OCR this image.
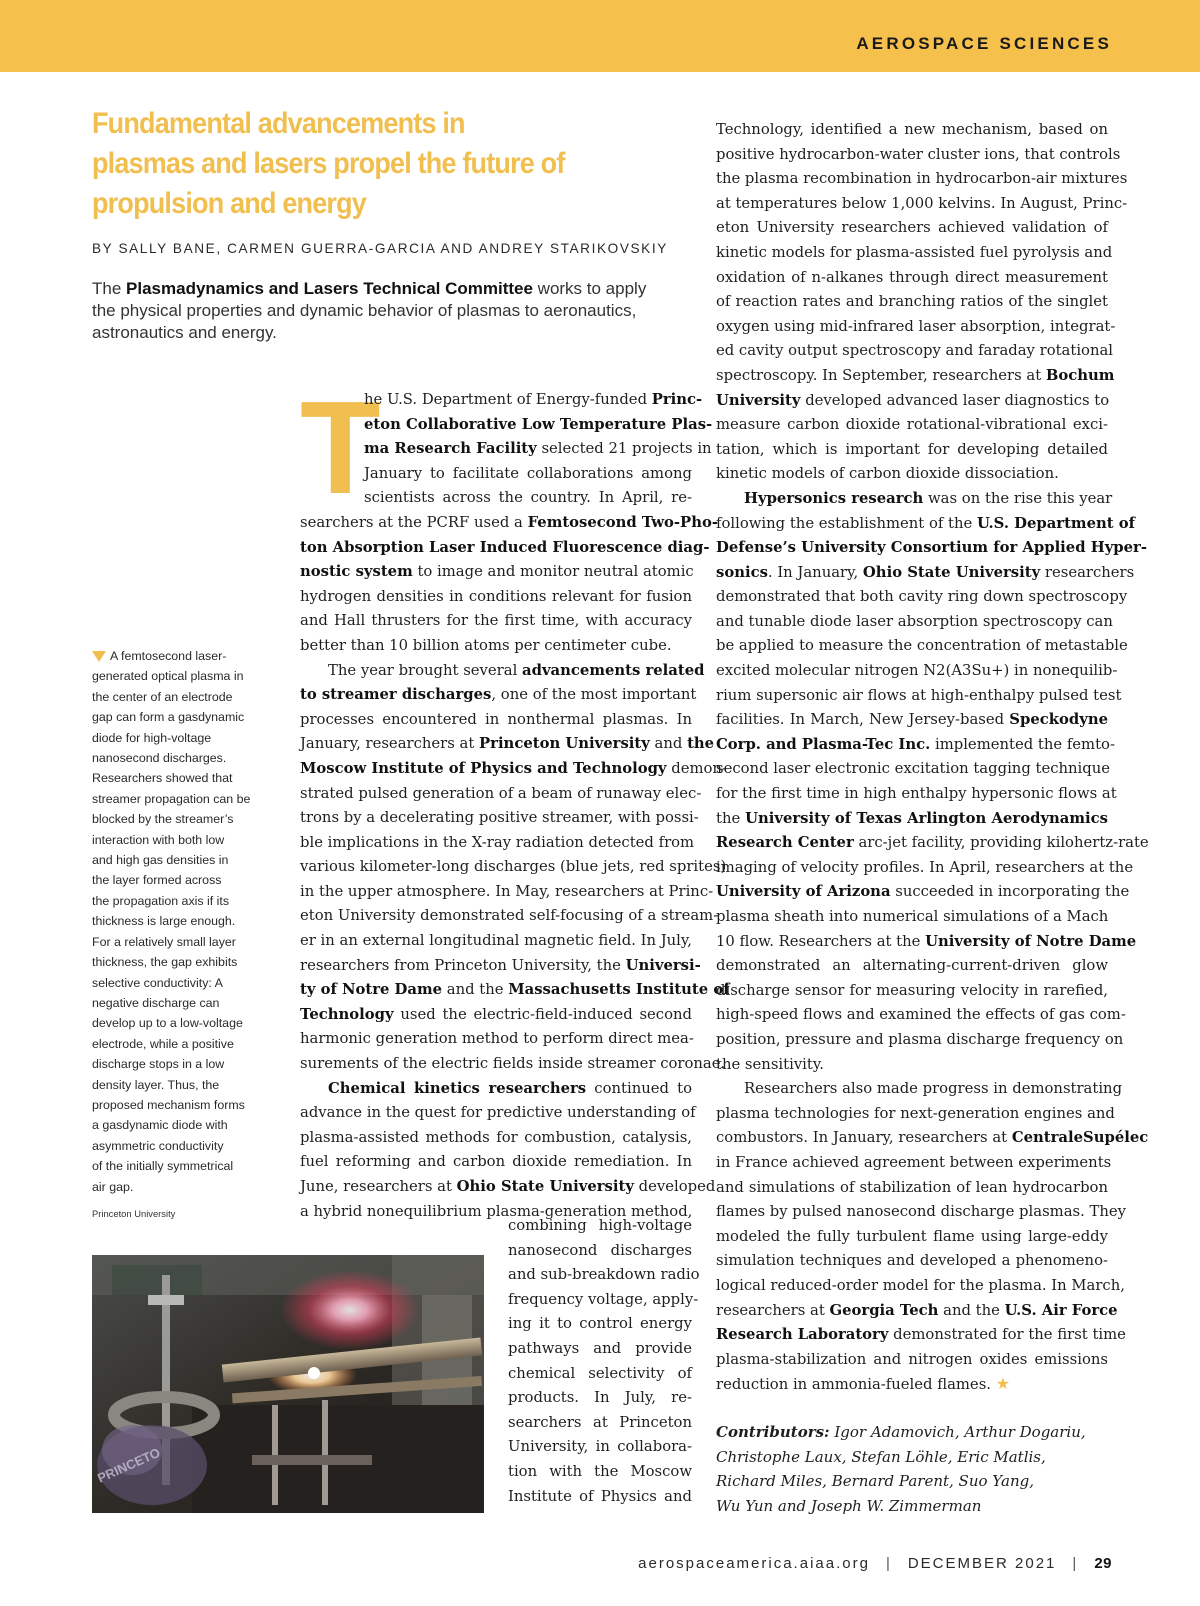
AEROSPACE SCIENCES
Fundamental advancements in
plasmas and lasers propel the future of
propulsion and energy
BY SALLY BANE, CARMEN GUERRA-GARCIA AND ANDREY STARIKOVSKIY
The Plasmadynamics and Lasers Technical Committee works to apply
the physical properties and dynamic behavior of plasmas to aeronautics,
astronautics and energy.
T
he U.S. Department of Energy-funded Princ-
eton Collaborative Low Temperature Plas-
ma Research Facility selected 21 projects in
January to facilitate collaborations among
scientists across the country. In April, re-
searchers at the PCRF used a Femtosecond Two-Pho-
ton Absorption Laser Induced Fluorescence diag-
nostic system to image and monitor neutral atomic
hydrogen densities in conditions relevant for fusion
and Hall thrusters for the first time, with accuracy
better than 10 billion atoms per centimeter cube.
The year brought several advancements related
to streamer discharges, one of the most important
processes encountered in nonthermal plasmas. In
January, researchers at Princeton University and the
Moscow Institute of Physics and Technology demon-
strated pulsed generation of a beam of runaway elec-
trons by a decelerating positive streamer, with possi-
ble implications in the X-ray radiation detected from
various kilometer-long discharges (blue jets, red sprites)
in the upper atmosphere. In May, researchers at Princ-
eton University demonstrated self-focusing of a stream-
er in an external longitudinal magnetic field. In July,
researchers from Princeton University, the Universi-
ty of Notre Dame and the Massachusetts Institute of
Technology used the electric-field-induced second
harmonic generation method to perform direct mea-
surements of the electric fields inside streamer coronae.
Chemical kinetics researchers continued to
advance in the quest for predictive understanding of
plasma-assisted methods for combustion, catalysis,
fuel reforming and carbon dioxide remediation. In
June, researchers at Ohio State University developed
a hybrid nonequilibrium plasma-generation method,
combining high-voltage
nanosecond discharges
and sub-breakdown radio
frequency voltage, apply-
ing it to control energy
pathways and provide
chemical selectivity of
products. In July, re-
searchers at Princeton
University, in collabora-
tion with the Moscow
Institute of Physics and
Technology, identified a new mechanism, based on
positive hydrocarbon-water cluster ions, that controls
the plasma recombination in hydrocarbon-air mixtures
at temperatures below 1,000 kelvins. In August, Princ-
eton University researchers achieved validation of
kinetic models for plasma-assisted fuel pyrolysis and
oxidation of n-alkanes through direct measurement
of reaction rates and branching ratios of the singlet
oxygen using mid-infrared laser absorption, integrat-
ed cavity output spectroscopy and faraday rotational
spectroscopy. In September, researchers at Bochum
University developed advanced laser diagnostics to
measure carbon dioxide rotational-vibrational exci-
tation, which is important for developing detailed
kinetic models of carbon dioxide dissociation.
Hypersonics research was on the rise this year
following the establishment of the U.S. Department of
Defense’s University Consortium for Applied Hyper-
sonics. In January, Ohio State University researchers
demonstrated that both cavity ring down spectroscopy
and tunable diode laser absorption spectroscopy can
be applied to measure the concentration of metastable
excited molecular nitrogen N2(A3Su+) in nonequilib-
rium supersonic air flows at high-enthalpy pulsed test
facilities. In March, New Jersey-based Speckodyne
Corp. and Plasma-Tec Inc. implemented the femto-
second laser electronic excitation tagging technique
for the first time in high enthalpy hypersonic flows at
the University of Texas Arlington Aerodynamics
Research Center arc-jet facility, providing kilohertz-rate
imaging of velocity profiles. In April, researchers at the
University of Arizona succeeded in incorporating the
plasma sheath into numerical simulations of a Mach
10 flow. Researchers at the University of Notre Dame
demonstrated an alternating-current-driven glow
discharge sensor for measuring velocity in rarefied,
high-speed flows and examined the effects of gas com-
position, pressure and plasma discharge frequency on
the sensitivity.
Researchers also made progress in demonstrating
plasma technologies for next-generation engines and
combustors. In January, researchers at CentraleSupélec
in France achieved agreement between experiments
and simulations of stabilization of lean hydrocarbon
flames by pulsed nanosecond discharge plasmas. They
modeled the fully turbulent flame using large-eddy
simulation techniques and developed a phenomeno-
logical reduced-order model for the plasma. In March,
researchers at Georgia Tech and the U.S. Air Force
Research Laboratory demonstrated for the first time
plasma-stabilization and nitrogen oxides emissions
reduction in ammonia-fueled flames. ★
A femtosecond laser-
generated optical plasma in
the center of an electrode
gap can form a gasdynamic
diode for high-voltage
nanosecond discharges.
Researchers showed that
streamer propagation can be
blocked by the streamer’s
interaction with both low
and high gas densities in
the layer formed across
the propagation axis if its
thickness is large enough.
For a relatively small layer
thickness, the gap exhibits
selective conductivity: A
negative discharge can
develop up to a low-voltage
electrode, while a positive
discharge stops in a low
density layer. Thus, the
proposed mechanism forms
a gasdynamic diode with
asymmetric conductivity
of the initially symmetrical
air gap.
Princeton University
PRINCETO
Contributors: Igor Adamovich, Arthur Dogariu,
Christophe Laux, Stefan Löhle, Eric Matlis,
Richard Miles, Bernard Parent, Suo Yang,
Wu Yun and Joseph W. Zimmerman
aerospaceamerica.aiaa.org | DECEMBER 2021 | 29
